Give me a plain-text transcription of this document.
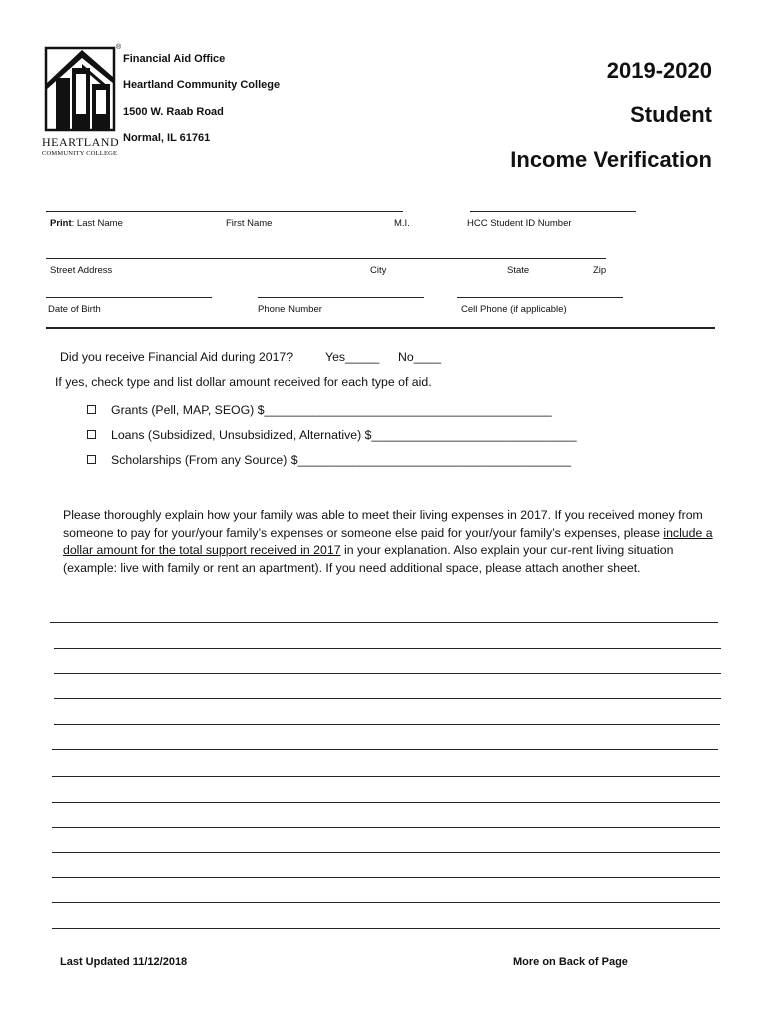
HEARTLAND
COMMUNITY COLLEGE
®
Financial Aid Office
Heartland Community College
1500 W. Raab Road
Normal, IL 61761
2019-2020
Student
Income Verification
Print: Last Name	First Name	M.I.	HCC Student ID Number
Street Address	City	State	Zip
Date of Birth	Phone Number	Cell Phone (if applicable)
Did you receive Financial Aid during 2017?	Yes_____ No____
If yes, check type and list dollar amount received for each type of aid.
Grants (Pell, MAP, SEOG) $__________________________________________
Loans (Subsidized, Unsubsidized, Alternative) $______________________________
Scholarships (From any Source) $________________________________________
Please thoroughly explain how your family was able to meet their living expenses in 2017. If you received money from someone to pay for your/your family’s expenses or someone else paid for your/your family’s expenses, please include a dollar amount for the total support received in 2017 in your explanation. Also explain your cur-rent living situation (example: live with family or rent an apartment). If you need additional space, please attach another sheet.
Last Updated 11/12/2018	More on Back of Page
